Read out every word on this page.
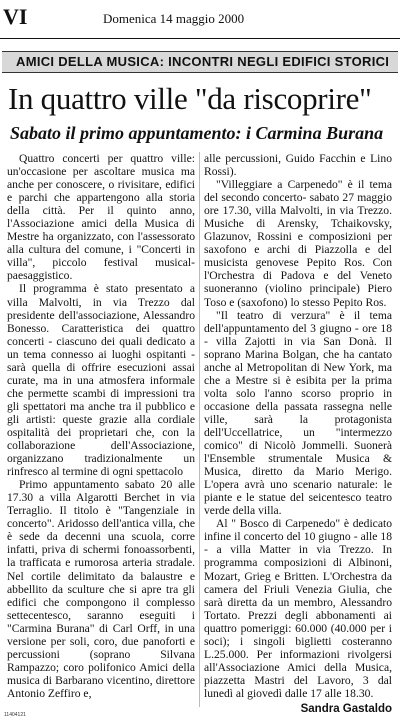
VI	Domenica 14 maggio 2000
AMICI DELLA MUSICA: INCONTRI NEGLI EDIFICI STORICI
In quattro ville "da riscoprire"
Sabato il primo appuntamento: i Carmina Burana

Quattro concerti per quattro ville: un'occasione per ascoltare musica ma anche per conoscere, o rivisitare, edifici e parchi che appartengono alla storia della città. Per il quinto anno, l'Associazione amici della Musica di Mestre ha organizzato, con l'assessorato alla cultura del comune, i "Concerti in villa", piccolo festival musical-paesaggistico.

Il programma è stato presentato a villa Malvolti, in via Trezzo dal presidente dell'associazione, Alessandro Bonesso. Caratteristica dei quattro concerti - ciascuno dei quali dedicato a un tema connesso ai luoghi ospitanti - sarà quella di offrire esecuzioni assai curate, ma in una atmosfera informale che permette scambi di impressioni tra gli spettatori ma anche tra il pubblico e gli artisti: queste grazie alla cordiale ospitalità dei proprietari che, con la collaborazione dell'Associazione, organizzano tradizionalmente un rinfresco al termine di ogni spettacolo

Primo appuntamento sabato 20 alle 17.30 a villa Algarotti Berchet in via Terraglio. Il titolo è "Tangenziale in concerto". Aridosso dell'antica villa, che è sede da decenni una scuola, corre infatti, priva di schermi fonoassorbenti, la trafficata e rumorosa arteria stradale. Nel cortile delimitato da balaustre e abbellito da sculture che si apre tra gli edifici che compongono il complesso settecentesco, saranno eseguiti i "Carmina Burana" di Carl Orff, in una versione per soli, coro, due panoforti e percussioni (soprano Silvana Rampazzo; coro polifonico Amici della musica di Barbarano vicentino, direttore Antonio Zeffiro e,

alle percussioni, Guido Facchin e Lino Rossi).

"Villeggiare a Carpenedo" è il tema del secondo concerto- sabato 27 maggio ore 17.30, villa Malvolti, in via Trezzo. Musiche di Arensky, Tchaikovsky, Glazunov, Rossini e composizioni per saxofono e archi di Piazzolla e del musicista genovese Pepito Ros. Con l'Orchestra di Padova e del Veneto suoneranno (violino principale) Piero Toso e (saxofono) lo stesso Pepito Ros.

"Il teatro di verzura" è il tema dell'appuntamento del 3 giugno - ore 18 - villa Zajotti in via San Donà. Il soprano Marina Bolgan, che ha cantato anche al Metropolitan di New York, ma che a Mestre si è esibita per la prima volta solo l'anno scorso proprio in occasione della passata rassegna nelle ville, sarà la protagonista dell'Uccellatrice, un "intermezzo comico" di Nicolò Jommelli. Suonerà l'Ensemble strumentale Musica & Musica, diretto da Mario Merigo. L'opera avrà uno scenario naturale: le piante e le statue del seicentesco teatro verde della villa.

Al " Bosco di Carpenedo" è dedicato infine il concerto del 10 giugno - alle 18 - a villa Matter in via Trezzo. In programma composizioni di Albinoni, Mozart, Grieg e Britten. L'Orchestra da camera del Friuli Venezia Giulia, che sarà diretta da un membro, Alessandro Tortato. Prezzi degli abbonamenti ai quattro pomeriggi: 60.000 (40.000 per i soci); i singoli biglietti costeranno L.25.000. Per informazioni rivolgersi all'Associazione Amici della Musica, piazzetta Mastri del Lavoro, 3 dal lunedì al giovedì dalle 17 alle 18.30.

Sandra Gastaldo
11404121
